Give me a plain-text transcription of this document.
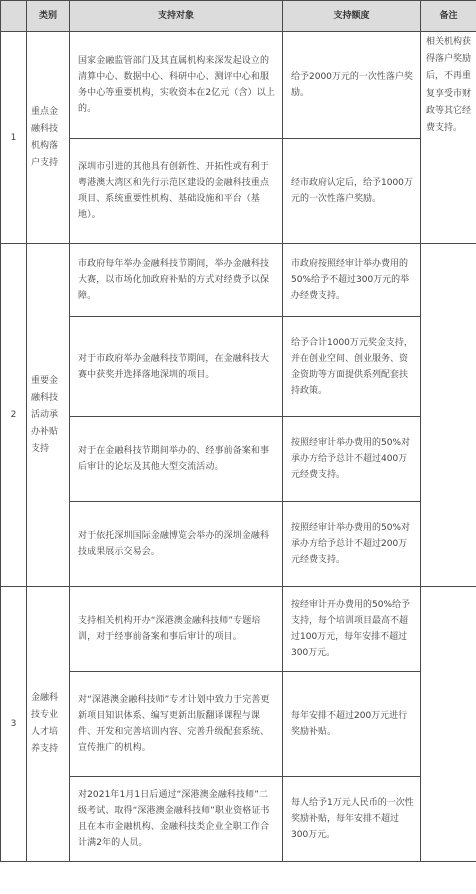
	类别	支持对象	支持额度	备注
1	重点金融科技机构落户支持	国家金融监管部门及其直属机构来深发起设立的清算中心、数据中心、科研中心、测评中心和服务中心等重要机构，实收资本在2亿元（含）以上的。	给予2000万元的一次性落户奖励。	相关机构获得落户奖励后，不再重复享受市财政等其它经费支持。
		深圳市引进的其他具有创新性、开拓性或有利于粤港澳大湾区和先行示范区建设的金融科技重点项目、系统重要性机构、基础设施和平台（基地）。	经市政府认定后，给予1000万元的一次性落户奖励。	
2	重要金融科技活动承办补贴支持	市政府每年举办金融科技节期间，举办金融科技大赛，以市场化加政府补贴的方式对经费予以保障。	市政府按照经审计举办费用的50%给予不超过300万元的举办经费支持。	
		对于市政府举办金融科技节期间，在金融科技大赛中获奖并选择落地深圳的项目。	给予合计1000万元奖金支持，并在创业空间、创业服务、资金资助等方面提供系列配套扶持政策。	
		对于在金融科技节期间举办的、经事前备案和事后审计的论坛及其他大型交流活动。	按照经审计举办费用的50%对承办方给予总计不超过400万元经费支持。	
		对于依托深圳国际金融博览会举办的深圳金融科技成果展示交易会。	按照经审计举办费用的50%对承办方给予总计不超过200万元经费支持。	
3	金融科技专业人才培养支持	支持相关机构开办“深港澳金融科技师”专题培训，对于经事前备案和事后审计的项目。	按经审计开办费用的50%给予支持，每个培训项目最高不超过100万元，每年安排不超过300万元。	
		对“深港澳金融科技师”专才计划中致力于完善更新项目知识体系、编写更新出版翻译课程与课件、开发和完善培训内容、完善升级配套系统、宣传推广的机构。	每年安排不超过200万元进行奖励补贴。	
		对2021年1月1日后通过“深港澳金融科技师”二级考试、取得“深港澳金融科技师”职业资格证书且在本市金融机构、金融科技类企业全职工作合计满2年的人员。	每人给予1万元人民币的一次性奖励补贴，每年安排不超过300万元。	
